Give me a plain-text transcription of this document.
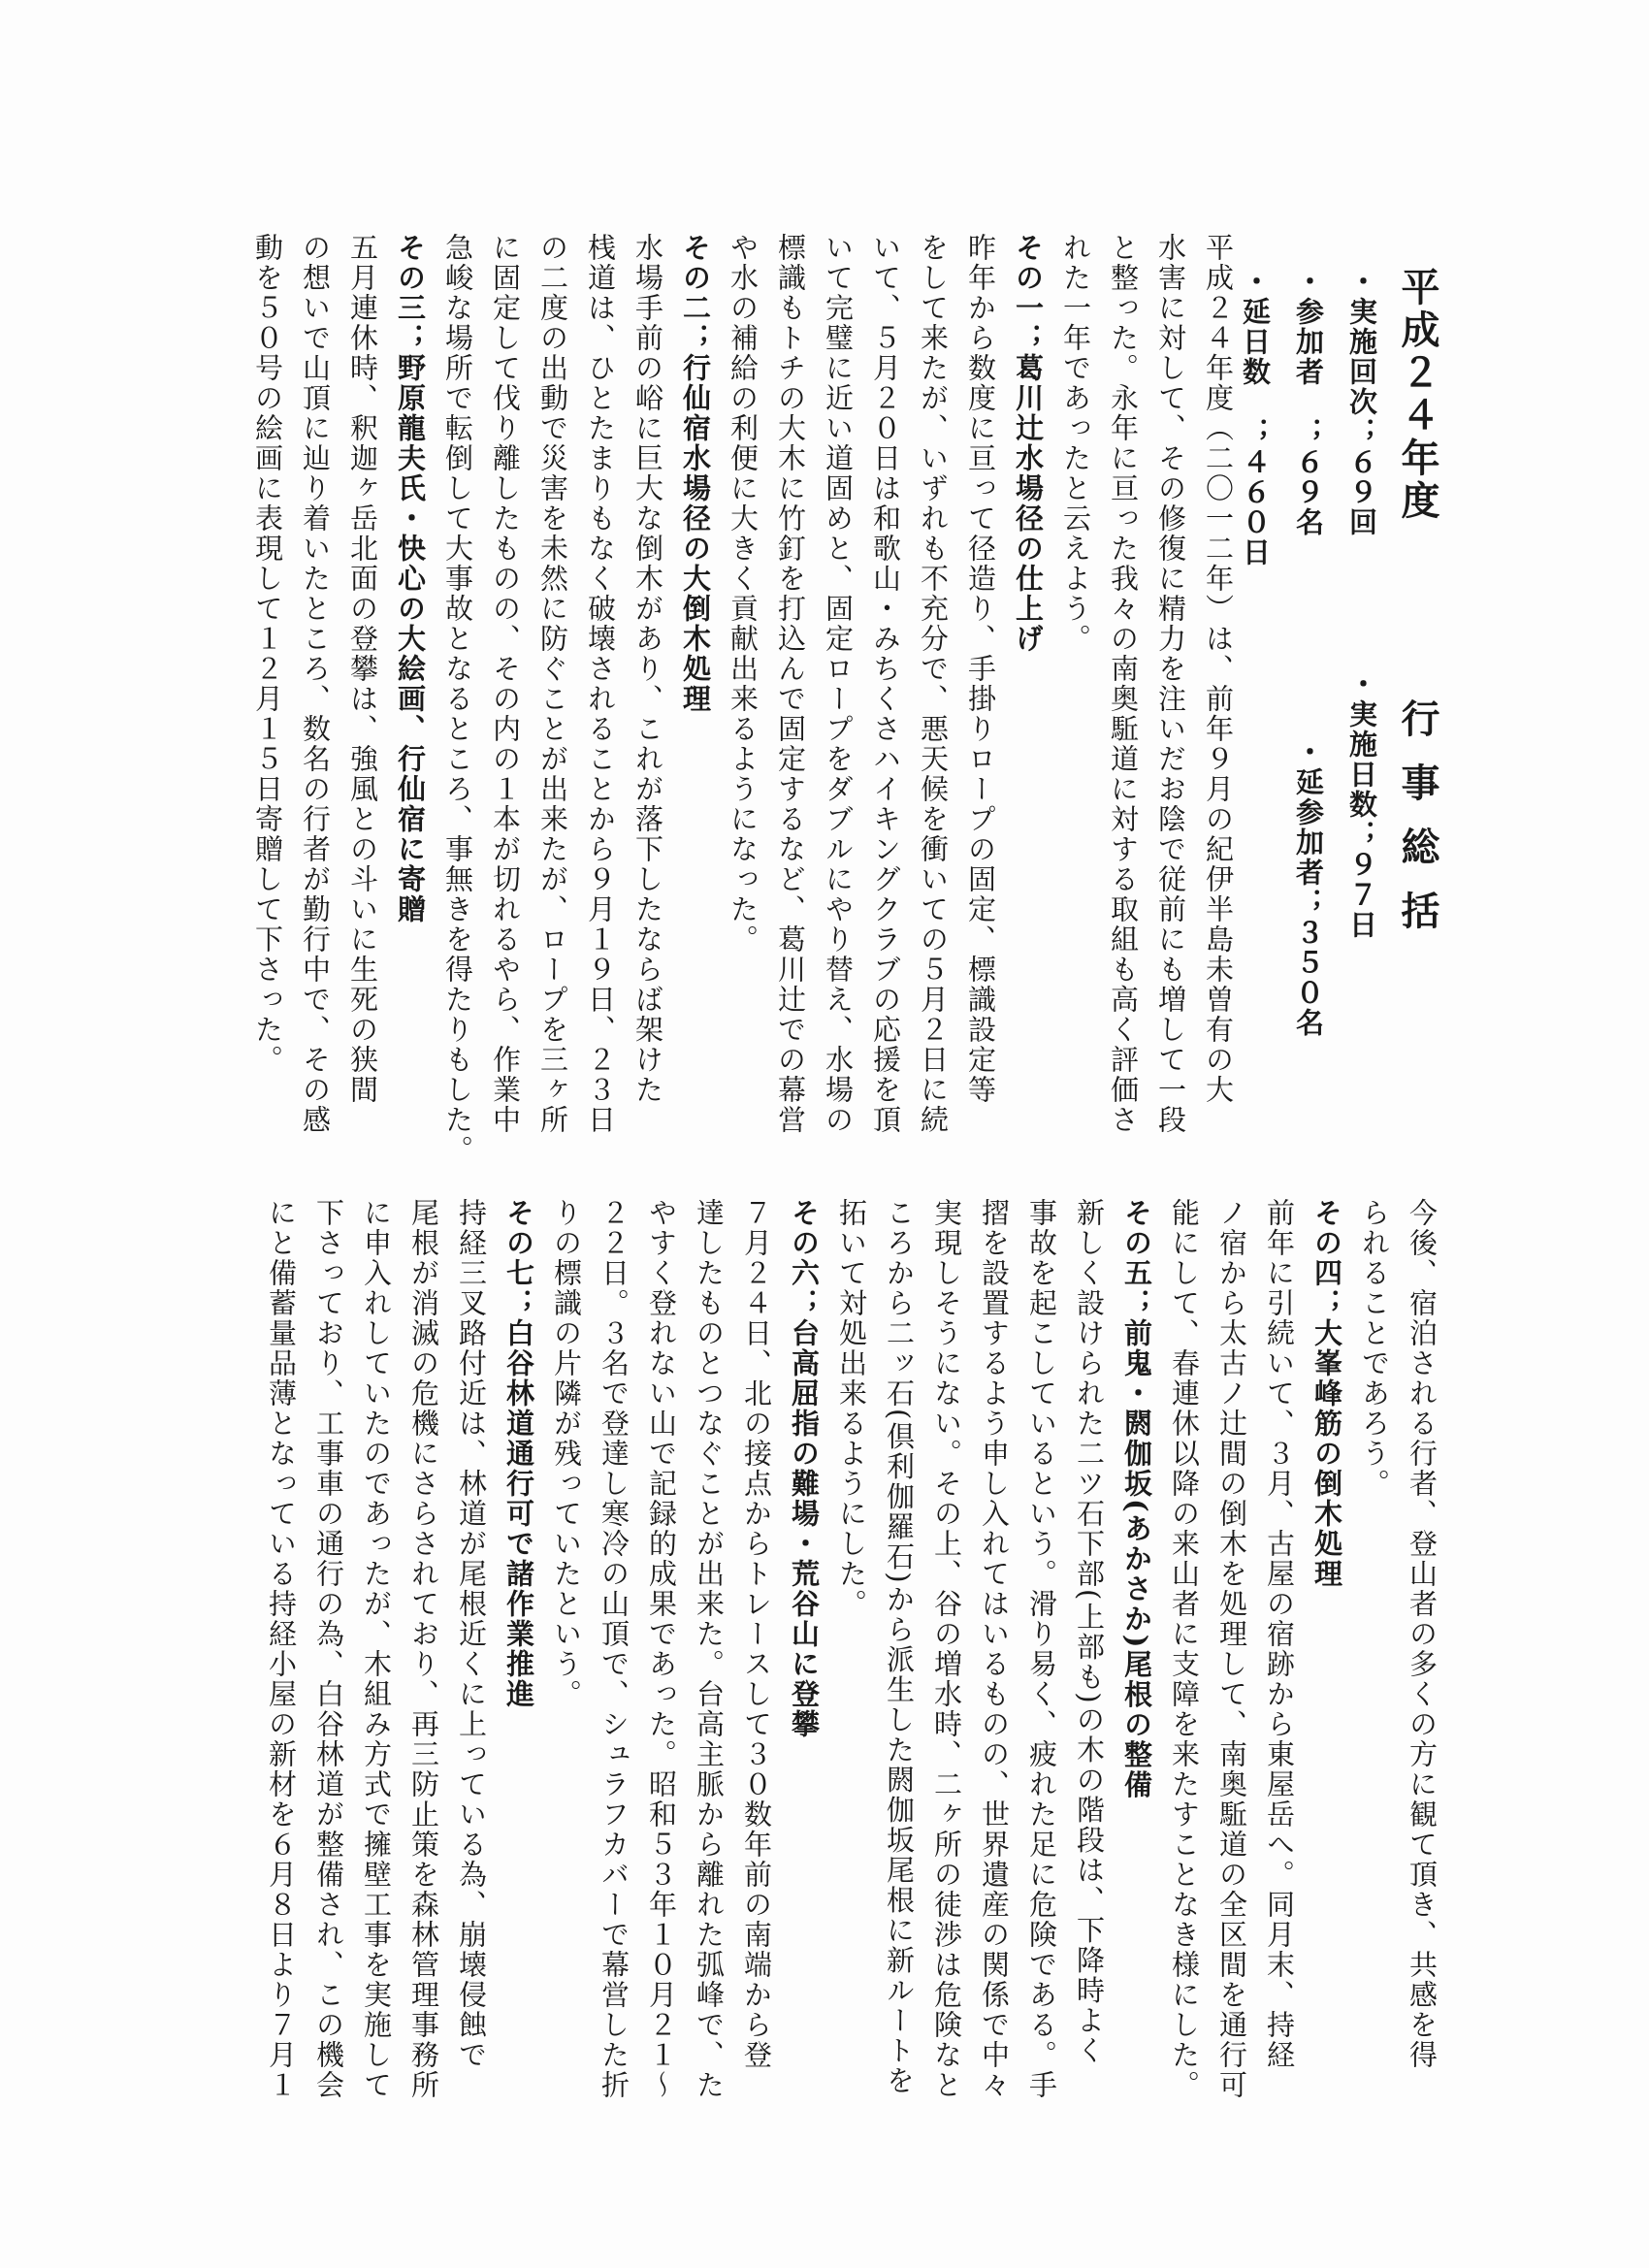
平成２４年度
行事総括
・実施回次；６９回
・参加者　；６９名
・延日数　；４６０日
・実施日数；９７日
・延参加者；３５０名
平成２４年度（二〇一二年）は、前年９月の紀伊半島未曽有の大
水害に対して、その修復に精力を注いだお陰で従前にも増して一段
と整った。永年に亘った我々の南奥駈道に対する取組も高く評価さ
れた一年であったと云えよう。
その一；葛川辻水場径の仕上げ
昨年から数度に亘って径造り、手掛りロープの固定、標識設定等
をして来たが、いずれも不充分で、悪天候を衝いての５月２日に続
いて、５月２０日は和歌山・みちくさハイキングクラブの応援を頂
いて完璧に近い道固めと、固定ロープをダブルにやり替え、水場の
標識もトチの大木に竹釘を打込んで固定するなど、葛川辻での幕営
や水の補給の利便に大きく貢献出来るようになった。
その二；行仙宿水場径の大倒木処理
水場手前の峪に巨大な倒木があり、これが落下したならば架けた
桟道は、ひとたまりもなく破壊されることから９月１９日、２３日
の二度の出動で災害を未然に防ぐことが出来たが、ロープを三ヶ所
に固定して伐り離したものの、その内の１本が切れるやら、作業中
急峻な場所で転倒して大事故となるところ、事無きを得たりもした。
その三；野原龍夫氏・快心の大絵画、行仙宿に寄贈
五月連休時、釈迦ヶ岳北面の登攀は、強風との斗いに生死の狭間
の想いで山頂に辿り着いたところ、数名の行者が勤行中で、その感
動を５０号の絵画に表現して１２月１５日寄贈して下さった。
今後、宿泊される行者、登山者の多くの方に観て頂き、共感を得
られることであろう。
その四；大峯峰筋の倒木処理
前年に引続いて、３月、古屋の宿跡から東屋岳へ。同月末、持経
ノ宿から太古ノ辻間の倒木を処理して、南奥駈道の全区間を通行可
能にして、春連休以降の来山者に支障を来たすことなき様にした。
その五；前鬼・閼伽坂(あかさか)尾根の整備
新しく設けられた二ツ石下部(上部も)の木の階段は、下降時よく
事故を起こしているという。滑り易く、疲れた足に危険である。手
摺を設置するよう申し入れてはいるものの、世界遺産の関係で中々
実現しそうにない。その上、谷の増水時、二ヶ所の徒渉は危険なと
ころから二ッ石(倶利伽羅石)から派生した閼伽坂尾根に新ルートを
拓いて対処出来るようにした。
その六；台高屈指の難場・荒谷山に登攀
７月２４日、北の接点からトレースして３０数年前の南端から登
達したものとつなぐことが出来た。台高主脈から離れた弧峰で、た
やすく登れない山で記録的成果であった。昭和５３年１０月２１～
２２日。３名で登達し寒冷の山頂で、シュラフカバーで幕営した折
りの標識の片隣が残っていたという。
その七；白谷林道通行可で諸作業推進
持経三叉路付近は、林道が尾根近くに上っている為、崩壊侵蝕で
尾根が消滅の危機にさらされており、再三防止策を森林管理事務所
に申入れしていたのであったが、木組み方式で擁壁工事を実施して
下さっており、工事車の通行の為、白谷林道が整備され、この機会
にと備蓄量品薄となっている持経小屋の新材を６月８日より７月１
